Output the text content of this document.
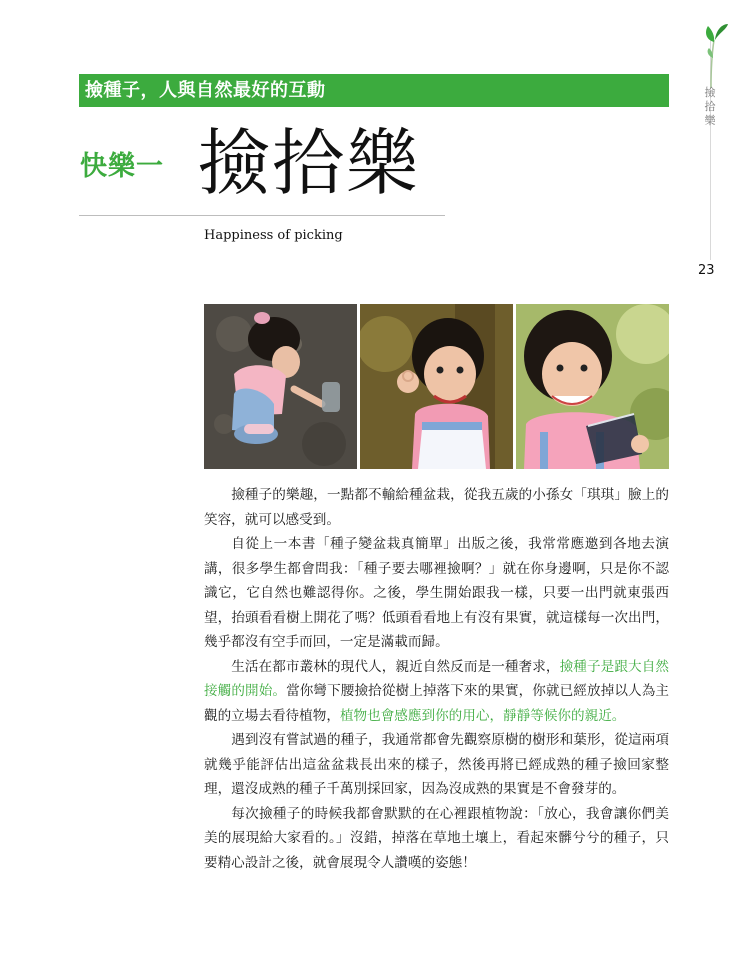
撿種子，人與自然最好的互動
快樂一 撿拾樂
Happiness of picking
撿拾樂
23

撿種子的樂趣，一點都不輸給種盆栽，從我五歲的小孫女「琪琪」臉上的笑容，就可以感受到。

自從上一本書「種子變盆栽真簡單」出版之後，我常常應邀到各地去演講，很多學生都會問我：「種子要去哪裡撿啊？」就在你身邊啊，只是你不認識它，它自然也難認得你。之後，學生開始跟我一樣，只要一出門就東張西望，抬頭看看樹上開花了嗎？低頭看看地上有沒有果實，就這樣每一次出門，幾乎都沒有空手而回，一定是滿載而歸。

生活在都市叢林的現代人，親近自然反而是一種奢求，撿種子是跟大自然接觸的開始。當你彎下腰撿拾從樹上掉落下來的果實，你就已經放掉以人為主觀的立場去看待植物，植物也會感應到你的用心，靜靜等候你的親近。

遇到沒有嘗試過的種子，我通常都會先觀察原樹的樹形和葉形，從這兩項就幾乎能評估出這盆盆栽長出來的樣子，然後再將已經成熟的種子撿回家整理，還沒成熟的種子千萬別採回家，因為沒成熟的果實是不會發芽的。

每次撿種子的時候我都會默默的在心裡跟植物說：「放心，我會讓你們美美的展現給大家看的。」沒錯，掉落在草地土壤上，看起來髒兮兮的種子，只要精心設計之後，就會展現令人讚嘆的姿態！
